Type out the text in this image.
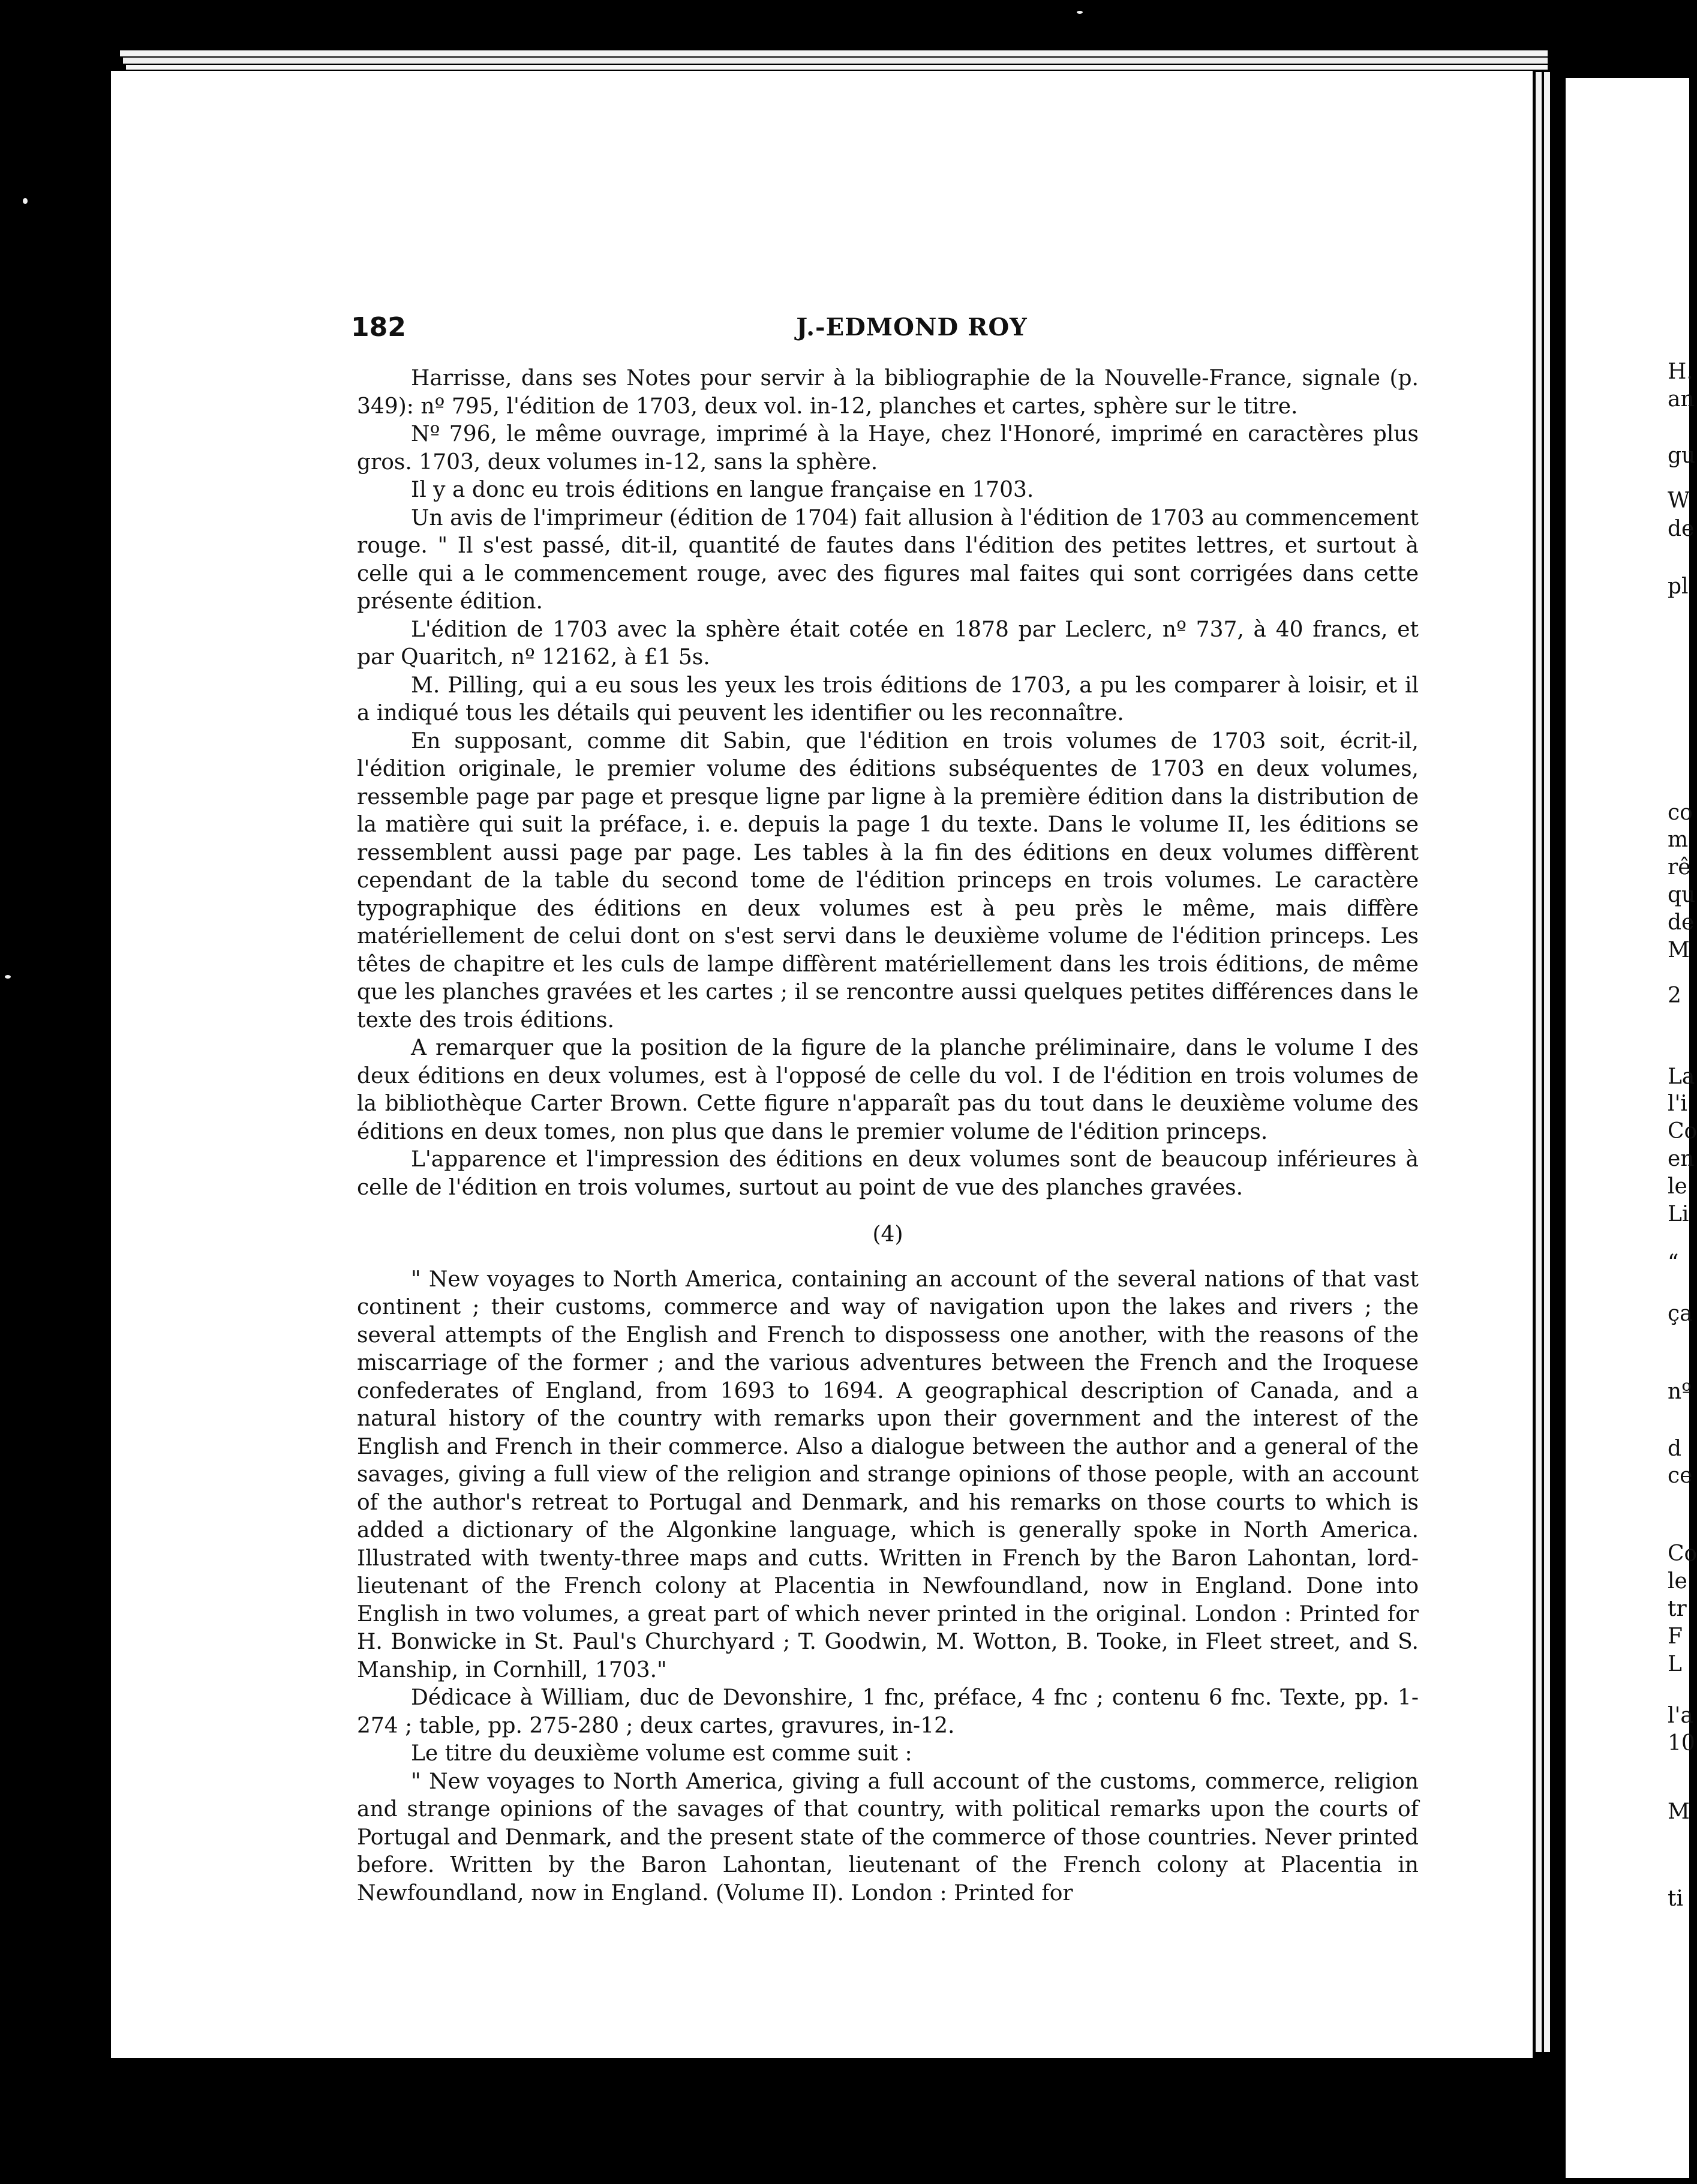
182	J.-EDMOND ROY

Harrisse, dans ses Notes pour servir à la bibliographie de la Nouvelle-France, signale (p. 349): nº 795, l'édition de 1703, deux vol. in-12, planches et cartes, sphère sur le titre.

Nº 796, le même ouvrage, imprimé à la Haye, chez l'Honoré, imprimé en caractères plus gros. 1703, deux volumes in-12, sans la sphère.

Il y a donc eu trois éditions en langue française en 1703.

Un avis de l'imprimeur (édition de 1704) fait allusion à l'édition de 1703 au commencement rouge. " Il s'est passé, dit-il, quantité de fautes dans l'édition des petites lettres, et surtout à celle qui a le commencement rouge, avec des figures mal faites qui sont corrigées dans cette présente édition.

L'édition de 1703 avec la sphère était cotée en 1878 par Leclerc, nº 737, à 40 francs, et par Quaritch, nº 12162, à £1 5s.

M. Pilling, qui a eu sous les yeux les trois éditions de 1703, a pu les comparer à loisir, et il a indiqué tous les détails qui peuvent les identifier ou les reconnaître.

En supposant, comme dit Sabin, que l'édition en trois volumes de 1703 soit, écrit-il, l'édition originale, le premier volume des éditions subséquentes de 1703 en deux volumes, ressemble page par page et presque ligne par ligne à la première édition dans la distribution de la matière qui suit la préface, i. e. depuis la page 1 du texte. Dans le volume II, les éditions se ressemblent aussi page par page. Les tables à la fin des éditions en deux volumes diffèrent cependant de la table du second tome de l'édition princeps en trois volumes. Le caractère typographique des éditions en deux volumes est à peu près le même, mais diffère matériellement de celui dont on s'est servi dans le deuxième volume de l'édition princeps. Les têtes de chapitre et les culs de lampe diffèrent matériellement dans les trois éditions, de même que les planches gravées et les cartes ; il se rencontre aussi quelques petites différences dans le texte des trois éditions.

A remarquer que la position de la figure de la planche préliminaire, dans le volume I des deux éditions en deux volumes, est à l'opposé de celle du vol. I de l'édition en trois volumes de la bibliothèque Carter Brown. Cette figure n'apparaît pas du tout dans le deuxième volume des éditions en deux tomes, non plus que dans le premier volume de l'édition princeps.

L'apparence et l'impression des éditions en deux volumes sont de beaucoup inférieures à celle de l'édition en trois volumes, surtout au point de vue des planches gravées.

(4)

" New voyages to North America, containing an account of the several nations of that vast continent ; their customs, commerce and way of navigation upon the lakes and rivers ; the several attempts of the English and French to dispossess one another, with the reasons of the miscarriage of the former ; and the various adventures between the French and the Iroquese confederates of England, from 1693 to 1694. A geographical description of Canada, and a natural history of the country with remarks upon their government and the interest of the English and French in their commerce. Also a dialogue between the author and a general of the savages, giving a full view of the religion and strange opinions of those people, with an account of the author's retreat to Portugal and Denmark, and his remarks on those courts to which is added a dictionary of the Algonkine language, which is generally spoke in North America. Illustrated with twenty-three maps and cutts. Written in French by the Baron Lahontan, lord-lieutenant of the French colony at Placentia in Newfoundland, now in England. Done into English in two volumes, a great part of which never printed in the original. London : Printed for H. Bonwicke in St. Paul's Churchyard ; T. Goodwin, M. Wotton, B. Tooke, in Fleet street, and S. Manship, in Cornhill, 1703."

Dédicace à William, duc de Devonshire, 1 fnc, préface, 4 fnc ; contenu 6 fnc. Texte, pp. 1-274 ; table, pp. 275-280 ; deux cartes, gravures, in-12.

Le titre du deuxième volume est comme suit :

" New voyages to North America, giving a full account of the customs, commerce, religion and strange opinions of the savages of that country, with political remarks upon the courts of Portugal and Denmark, and the present state of the commerce of those countries. Never printed before. Written by the Baron Lahontan, lieutenant of the French colony at Placentia in Newfoundland, now in England. (Volume II). London : Printed for

H.
an
gu
W
de
pl
co
m
rê
qu
de
M
2
La
l'i
Co
en
le
Li
“
ça
nº
d
ce
Co
le
tr
F
L
l'a
10
M
ti
